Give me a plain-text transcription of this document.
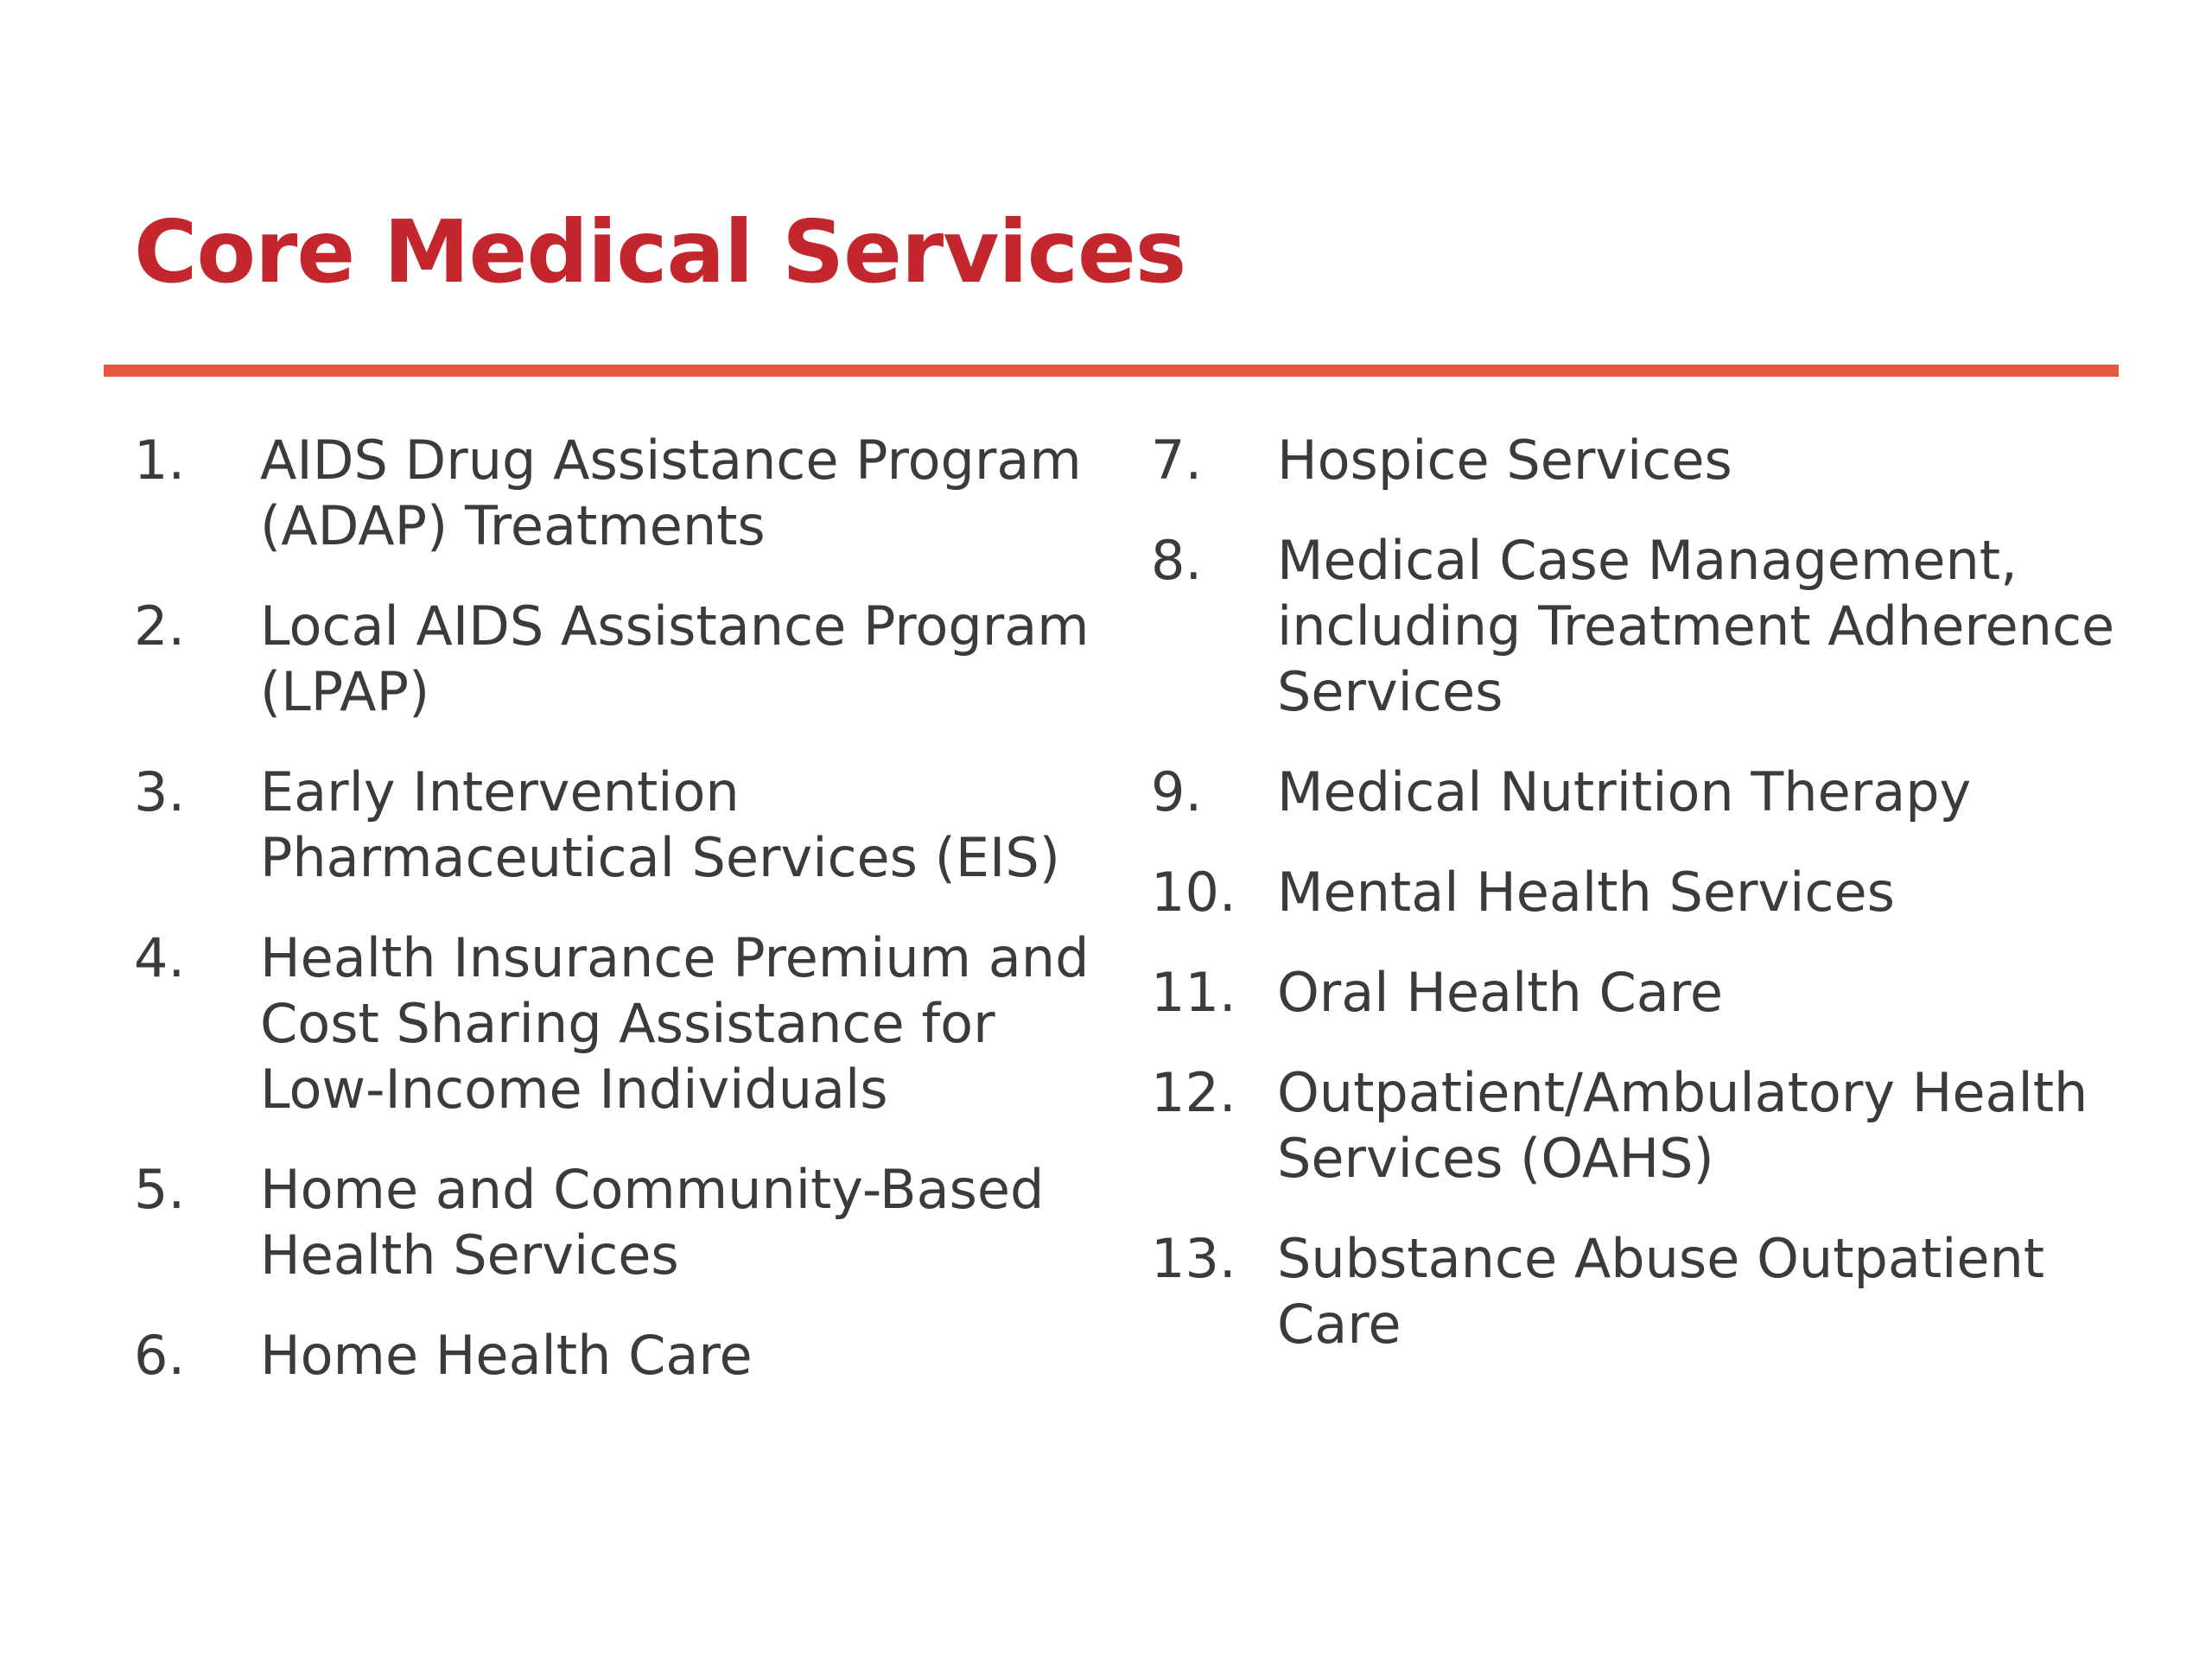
Core Medical Services
1.	AIDS Drug Assistance Program (ADAP) Treatments
2.	Local AIDS Assistance Program (LPAP)
3.	Early Intervention Pharmaceutical Services (EIS)
4.	Health Insurance Premium and Cost Sharing Assistance for Low-Income Individuals
5.	Home and Community-Based Health Services
6.	Home Health Care
7.	Hospice Services
8.	Medical Case Management, including Treatment Adherence Services
9.	Medical Nutrition Therapy
10. Mental Health Services
11. Oral Health Care
12. Outpatient/Ambulatory Health Services (OAHS)
13. Substance Abuse Outpatient Care
